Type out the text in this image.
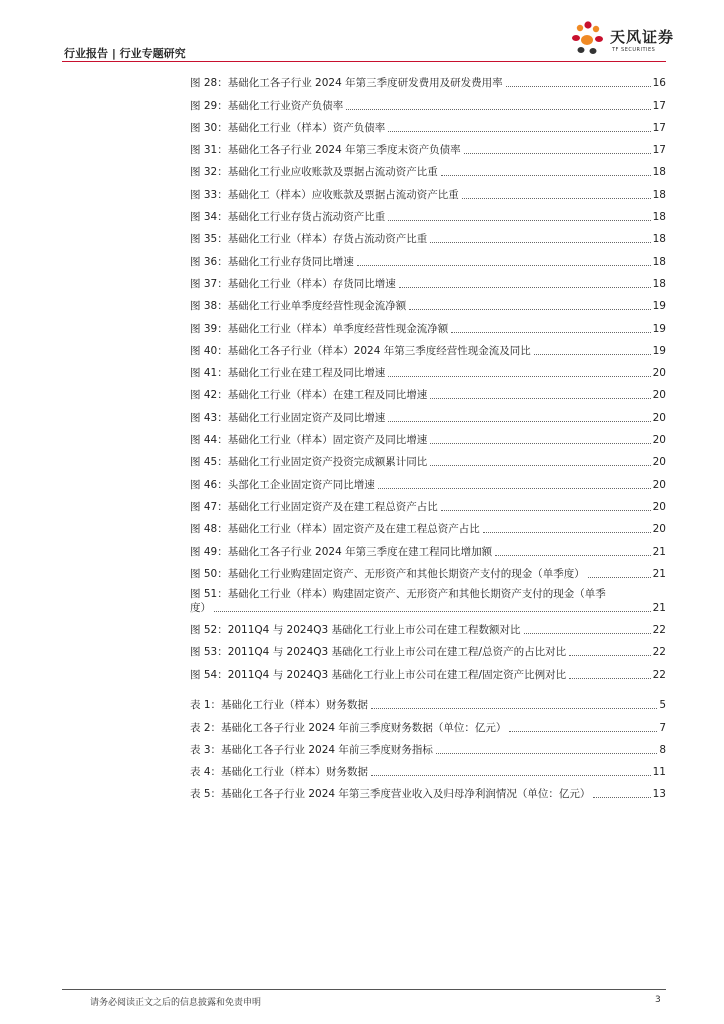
行业报告 | 行业专题研究
天风证券
TF SECURITIES
图 28：基础化工各子行业 2024 年第三季度研发费用及研发费用率	16
图 29：基础化工行业资产负债率	17
图 30：基础化工行业（样本）资产负债率	17
图 31：基础化工各子行业 2024 年第三季度末资产负债率	17
图 32：基础化工行业应收账款及票据占流动资产比重	18
图 33：基础化工（样本）应收账款及票据占流动资产比重	18
图 34：基础化工行业存货占流动资产比重	18
图 35：基础化工行业（样本）存货占流动资产比重	18
图 36：基础化工行业存货同比增速	18
图 37：基础化工行业（样本）存货同比增速	18
图 38：基础化工行业单季度经营性现金流净额	19
图 39：基础化工行业（样本）单季度经营性现金流净额	19
图 40：基础化工各子行业（样本）2024 年第三季度经营性现金流及同比	19
图 41：基础化工行业在建工程及同比增速	20
图 42：基础化工行业（样本）在建工程及同比增速	20
图 43：基础化工行业固定资产及同比增速	20
图 44：基础化工行业（样本）固定资产及同比增速	20
图 45：基础化工行业固定资产投资完成额累计同比	20
图 46：头部化工企业固定资产同比增速	20
图 47：基础化工行业固定资产及在建工程总资产占比	20
图 48：基础化工行业（样本）固定资产及在建工程总资产占比	20
图 49：基础化工各子行业 2024 年第三季度在建工程同比增加额	21
图 50：基础化工行业购建固定资产、无形资产和其他长期资产支付的现金（单季度）	21
图 51：基础化工行业（样本）购建固定资产、无形资产和其他长期资产支付的现金（单季
度）	21
图 52：2011Q4 与 2024Q3 基础化工行业上市公司在建工程数额对比	22
图 53：2011Q4 与 2024Q3 基础化工行业上市公司在建工程/总资产的占比对比	22
图 54：2011Q4 与 2024Q3 基础化工行业上市公司在建工程/固定资产比例对比	22
表 1：基础化工行业（样本）财务数据	5
表 2：基础化工各子行业 2024 年前三季度财务数据（单位：亿元）	7
表 3：基础化工各子行业 2024 年前三季度财务指标	8
表 4：基础化工行业（样本）财务数据	11
表 5：基础化工各子行业 2024 年第三季度营业收入及归母净利润情况（单位：亿元）	13
请务必阅读正文之后的信息披露和免责申明	3
